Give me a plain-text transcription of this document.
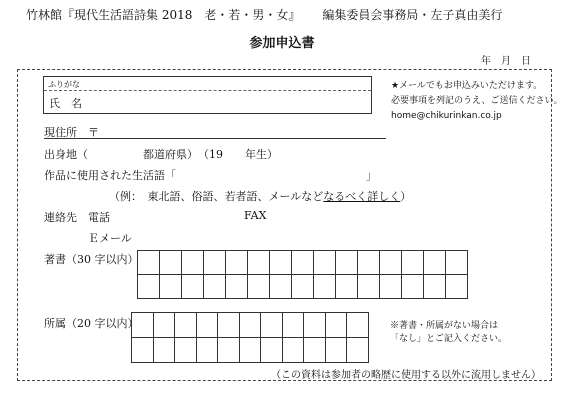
竹林館『現代生活語詩集 2018　老・若・男・女』 編集委員会事務局・左子真由美行
参加申込書
年　月　日
ふりがな
氏　名
★メールでもお申込みいただけます。
必要事項を列記のうえ、ご送信ください。
home@chikurinkan.co.jp
現住所　〒
出身地（　　　　　都道府県）　（19　　年生）
作品に使用された生活語「	」
（例：　東北語、俗語、若者語、メールなどなるべく詳しく）
連絡先　電話	FAX
Ｅメール
著書（30 字以内）

所属（20 字以内）

											※著書・所属がない場合は
「なし」とご記入ください。
（この資料は参加者の略歴に使用する以外に流用しません）
